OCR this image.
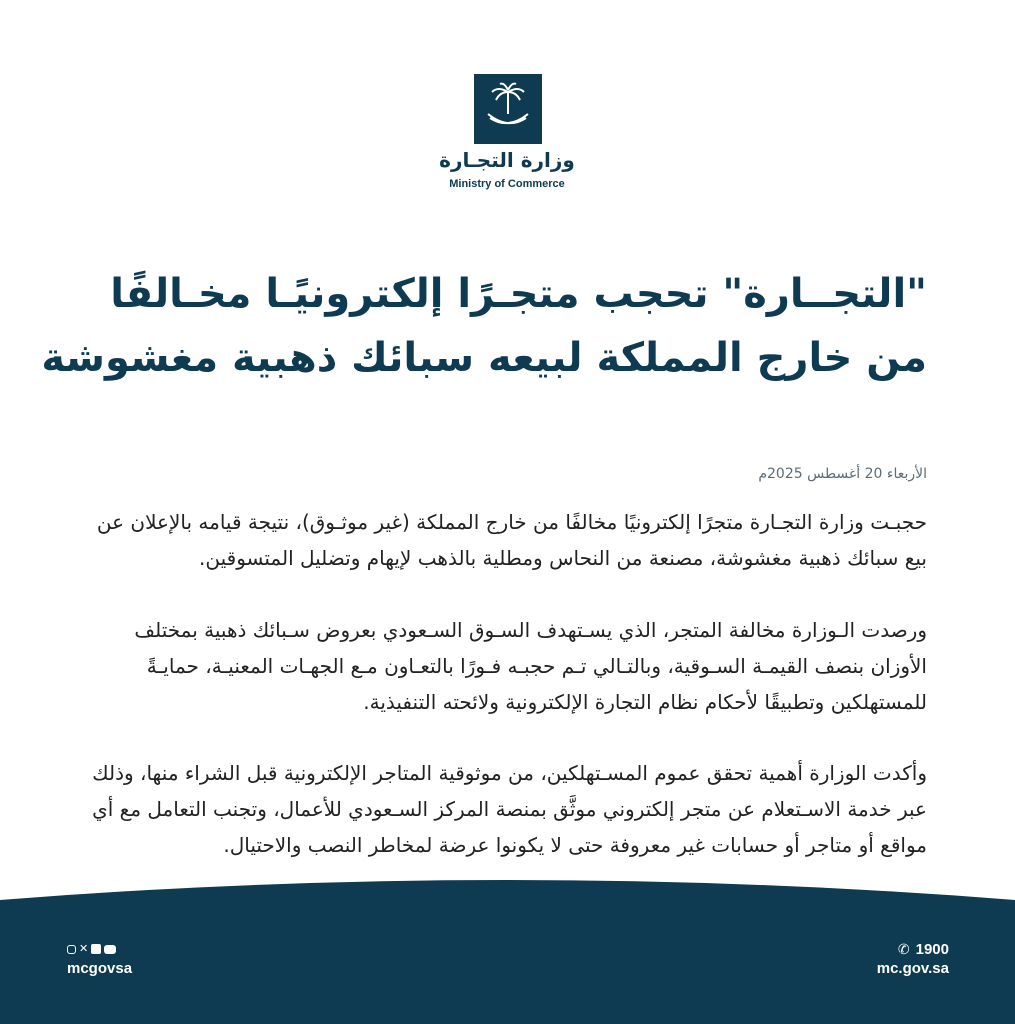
وزارة التجـارة
Ministry of Commerce
"التجــارة" تحجب متجـرًا إلكترونيًـا مخـالفًا
من خارج المملكة لبيعه سبائك ذهبية مغشوشة
الأربعاء 20 أغسطس 2025م
حجبـت وزارة التجـارة متجرًا إلكترونيًا مخالفًا من خارج المملكة (غير موثـوق)، نتيجة قيامه بالإعلان عن
بيع سبائك ذهبية مغشوشة، مصنعة من النحاس ومطلية بالذهب لإيهام وتضليل المتسوقين.
ورصدت الـوزارة مخالفة المتجر، الذي يسـتهدف السـوق السـعودي بعروض سـبائك ذهبية بمختلف
الأوزان بنصف القيمـة السـوقية، وبالتـالي تـم حجبـه فـورًا بالتعـاون مـع الجهـات المعنيـة، حمايـةً
للمستهلكين وتطبيقًا لأحكام نظام التجارة الإلكترونية ولائحته التنفيذية.
وأكدت الوزارة أهمية تحقق عموم المسـتهلكين، من موثوقية المتاجر الإلكترونية قبل الشراء منها، وذلك
عبر خدمة الاسـتعلام عن متجر إلكتروني موثَّق بمنصة المركز السـعودي للأعمال، وتجنب التعامل مع أي
مواقع أو متاجر أو حسابات غير معروفة حتى لا يكونوا عرضة لمخاطر النصب والاحتيال.
✕
mcgovsa
✆ 1900
mc.gov.sa
